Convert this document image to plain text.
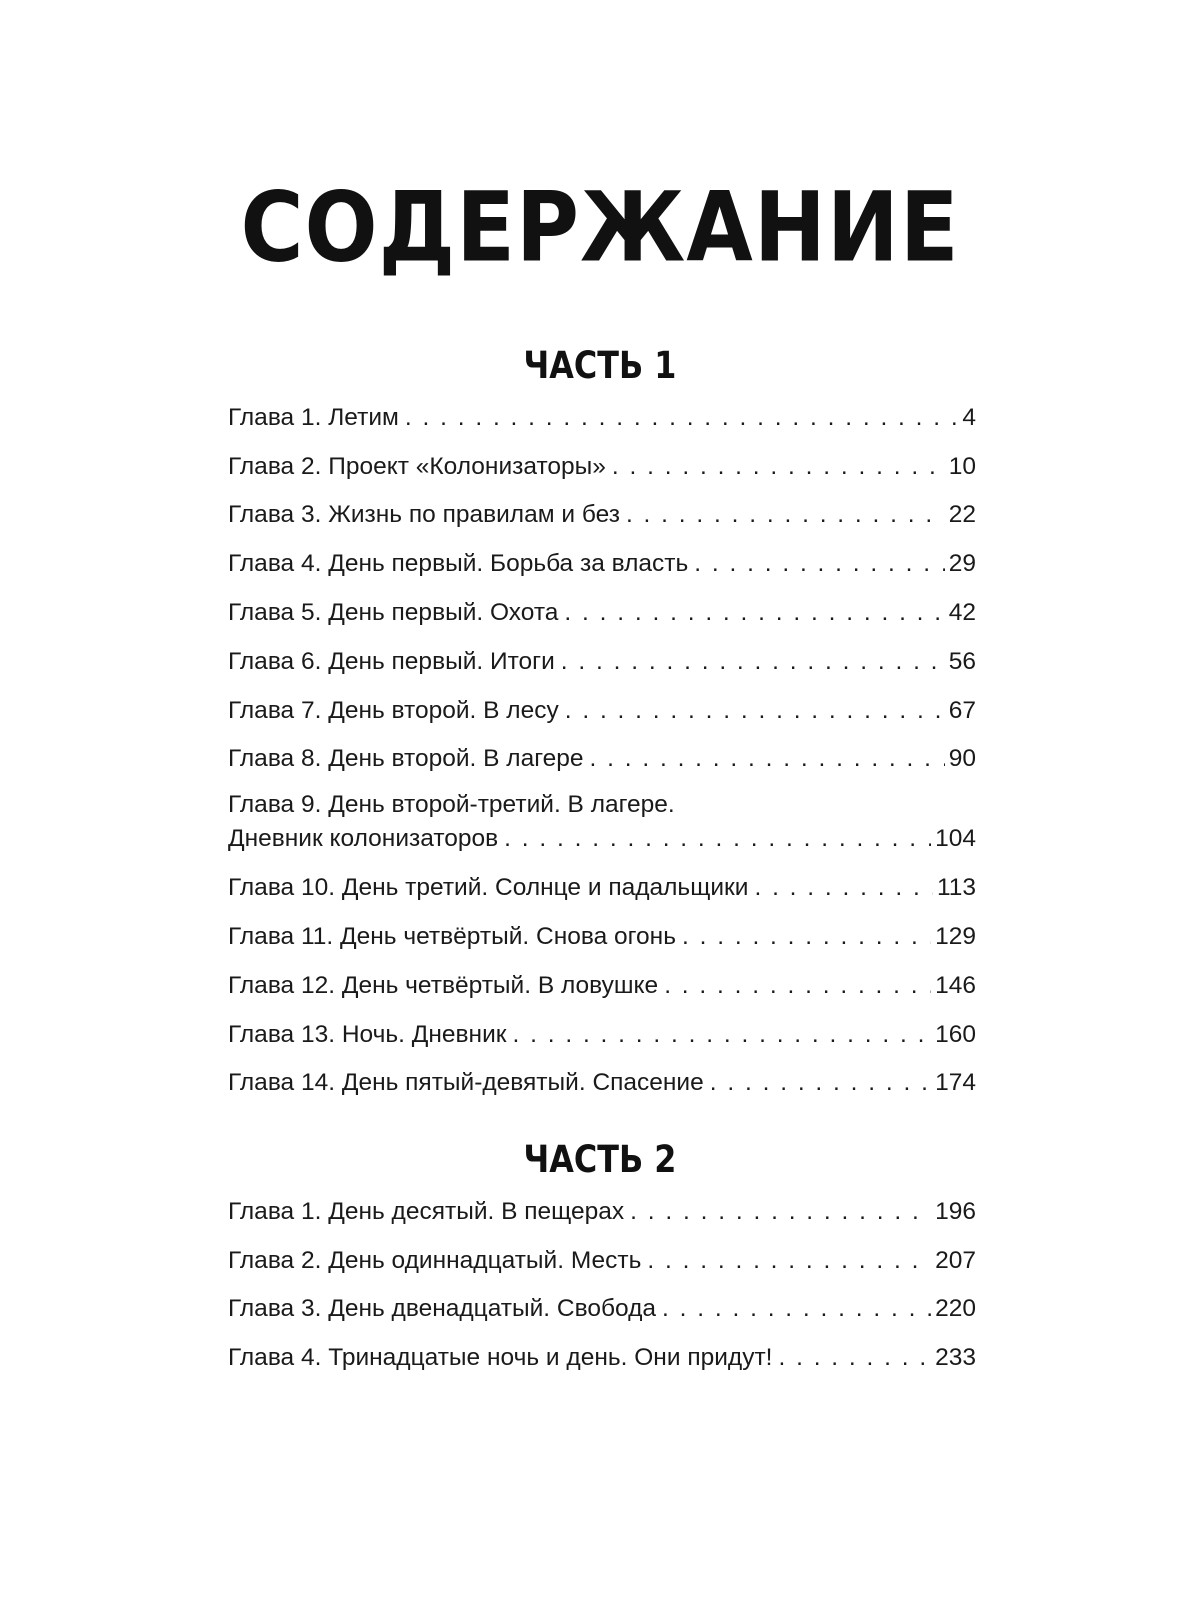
СОДЕРЖАНИЕ
ЧАСТЬ 1
Глава 1. Летим . . .	4
Глава 2. Проект «Колонизаторы» . . .	10
Глава 3. Жизнь по правилам и без . . .	22
Глава 4. День первый. Борьба за власть . . .	29
Глава 5. День первый. Охота . . .	42
Глава 6. День первый. Итоги . . .	56
Глава 7. День второй. В лесу . . .	67
Глава 8. День второй. В лагере . . .	90
Глава 9. День второй-третий. В лагере.
Дневник колонизаторов . . .	104
Глава 10. День третий. Солнце и падальщики . . .	113
Глава 11. День четвёртый. Снова огонь . . .	129
Глава 12. День четвёртый. В ловушке . . .	146
Глава 13. Ночь. Дневник . . .	160
Глава 14. День пятый-девятый. Спасение . . .	174
ЧАСТЬ 2
Глава 1. День десятый. В пещерах . . .	196
Глава 2. День одиннадцатый. Месть . . .	207
Глава 3. День двенадцатый. Свобода . . .	220
Глава 4. Тринадцатые ночь и день. Они придут! . . .	233
